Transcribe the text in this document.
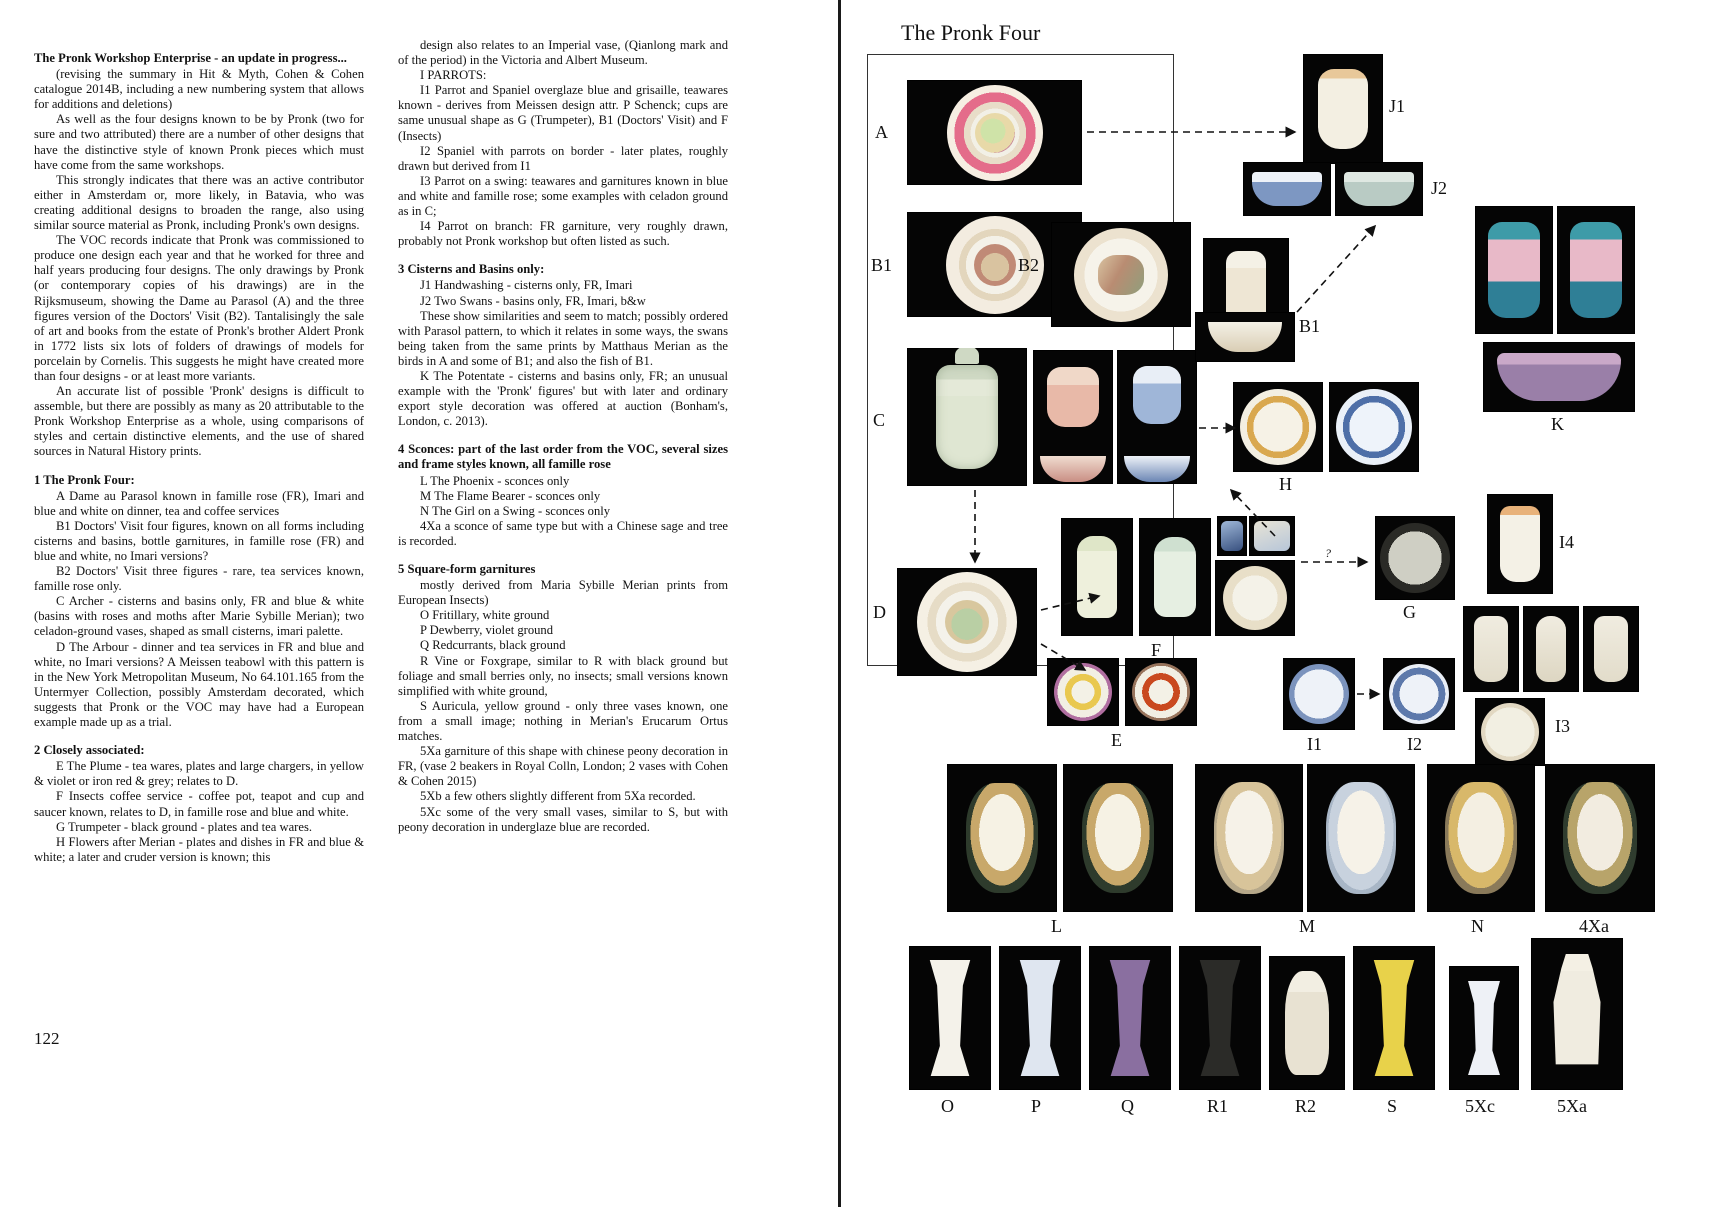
The Pronk Workshop Enterprise - an update in progress...

(revising the summary in Hit & Myth, Cohen & Cohen catalogue 2014B, including a new numbering system that allows for additions and deletions)

As well as the four designs known to be by Pronk (two for sure and two attributed) there are a number of other designs that have the distinctive style of known Pronk pieces which must have come from the same workshops.

This strongly indicates that there was an active contributor either in Amsterdam or, more likely, in Batavia, who was creating additional designs to broaden the range, also using similar source material as Pronk, including Pronk's own designs.

The VOC records indicate that Pronk was commissioned to produce one design each year and that he worked for three and half years producing four designs. The only drawings by Pronk (or contemporary copies of his drawings) are in the Rijksmuseum, showing the Dame au Parasol (A) and the three figures version of the Doctors' Visit (B2). Tantalisingly the sale of art and books from the estate of Pronk's brother Aldert Pronk in 1772 lists six lots of folders of drawings of models for porcelain by Cornelis. This suggests he might have created more than four designs - or at least more variants.

An accurate list of possible 'Pronk' designs is difficult to assemble, but there are possibly as many as 20 attributable to the Pronk Workshop Enterprise as a whole, using comparisons of styles and certain distinctive elements, and the use of shared sources in Natural History prints.

1 The Pronk Four:

A Dame au Parasol known in famille rose (FR), Imari and blue and white on dinner, tea and coffee services

B1 Doctors' Visit four figures, known on all forms including cisterns and basins, bottle garnitures, in famille rose (FR) and blue and white, no Imari versions?

B2 Doctors' Visit three figures - rare, tea services known, famille rose only.

C Archer - cisterns and basins only, FR and blue & white (basins with roses and moths after Marie Sybille Merian); two celadon-ground vases, shaped as small cisterns, imari palette.

D The Arbour - dinner and tea services in FR and blue and white, no Imari versions? A Meissen teabowl with this pattern is in the New York Metropolitan Museum, No 64.101.165 from the Untermyer Collection, possibly Amsterdam decorated, which suggests that Pronk or the VOC may have had a European example made up as a trial.

2 Closely associated:

E The Plume - tea wares, plates and large chargers, in yellow & violet or iron red & grey; relates to D.

F Insects coffee service - coffee pot, teapot and cup and saucer known, relates to D, in famille rose and blue and white.

G Trumpeter - black ground - plates and tea wares.

H Flowers after Merian - plates and dishes in FR and blue & white; a later and cruder version is known; this

design also relates to an Imperial vase, (Qianlong mark and of the period) in the Victoria and Albert Museum.

I PARROTS:

I1 Parrot and Spaniel overglaze blue and grisaille, teawares known - derives from Meissen design attr. P Schenck; cups are same unusual shape as G (Trumpeter), B1 (Doctors' Visit) and F (Insects)

I2 Spaniel with parrots on border - later plates, roughly drawn but derived from I1

I3 Parrot on a swing: teawares and garnitures known in blue and white and famille rose; some examples with celadon ground as in C;

I4 Parrot on branch: FR garniture, very roughly drawn, probably not Pronk workshop but often listed as such.

3 Cisterns and Basins only:

J1 Handwashing - cisterns only, FR, Imari

J2 Two Swans - basins only, FR, Imari, b&w

These show similarities and seem to match; possibly ordered with Parasol pattern, to which it relates in some ways, the swans being taken from the same prints by Matthaus Merian as the birds in A and some of B1; and also the fish of B1.

K The Potentate - cisterns and basins only, FR; an unusual example with the 'Pronk' figures' but with later and ordinary export style decoration was offered at auction (Bonham's, London, c. 2013).

4 Sconces: part of the last order from the VOC, several sizes and frame styles known, all famille rose

L The Phoenix - sconces only

M The Flame Bearer - sconces only

N The Girl on a Swing - sconces only

4Xa a sconce of same type but with a Chinese sage and tree is recorded.

5 Square-form garnitures

mostly derived from Maria Sybille Merian prints from European Insects)

O Fritillary, white ground

P Dewberry, violet ground

Q Redcurrants, black ground

R Vine or Foxgrape, similar to R with black ground but foliage and small berries only, no insects; small versions known simplified with white ground,

S Auricula, yellow ground - only three vases known, one from a small image; nothing in Merian's Erucarum Ortus matches.

5Xa garniture of this shape with chinese peony decoration in FR, (vase 2 beakers in Royal Colln, London; 2 vases with Cohen & Cohen 2015)

5Xb a few others slightly different from 5Xa recorded.

5Xc some of the very small vases, similar to S, but with peony decoration in underglaze blue are recorded.

122
The Pronk Four
A
B1	B2
C
D
E
F
H
B1
J1
J2
K
G
I4
I3
I1	I2
L	M	N	4Xa
O	P	Q	R1	R2	S	5Xc	5Xa
?
